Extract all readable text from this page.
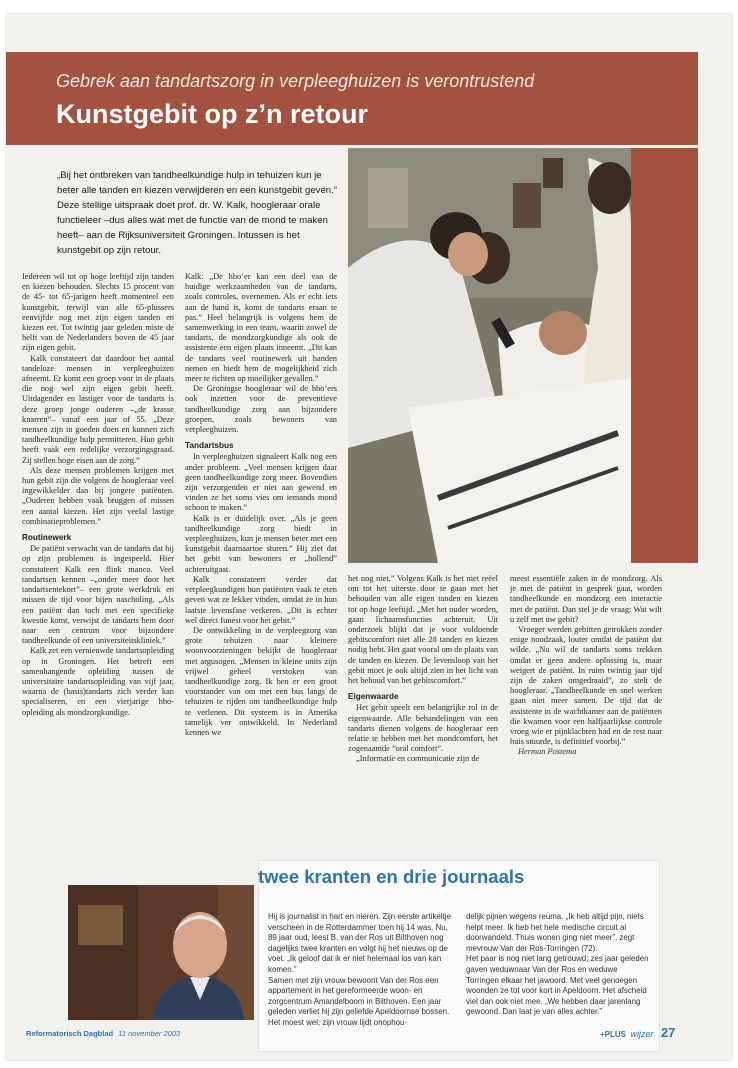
Gebrek aan tandartszorg in verpleeghuizen is verontrustend
Kunstgebit op z’n retour
„Bij het ontbreken van tandheelkundige hulp in tehuizen kun je beter alle tanden en kiezen verwijderen en een kunstgebit geven.” Deze stellige uitspraak doet prof. dr. W. Kalk, hoogleraar orale functieleer –dus alles wat met de functie van de mond te maken heeft– aan de Rijksuniversiteit Groningen. Intussen is het kunstgebit op zijn retour.

Iedereen wil tot op hoge leeftijd zijn tanden en kiezen behouden. Slechts 15 procent van de 45- tot 65-jarigen heeft momenteel een kunstgebit, terwijl van alle 65-plussers eenvijfde nog met zijn eigen tanden en kiezen eet. Tot twintig jaar geleden miste de helft van de Nederlanders boven de 45 jaar zijn eigen gebit.

Kalk constateert dat daardoor het aantal tandeloze mensen in verpleeghuizen afneemt. Er komt een groep voor in de plaats die nog wel zijn eigen gebit heeft. Uitdagender en lastiger voor de tandarts is deze groep jonge ouderen –„de krasse knarren”– vanaf een jaar of 55. „Deze mensen zijn in goeden doen en kunnen zich tandheelkundige hulp permitteren. Hun gebit heeft vaak een redelijke verzorgingsgraad. Zij stellen hoge eisen aan de zorg.”

Als deze mensen problemen krijgen met hun gebit zijn die volgens de hoogleraar veel ingewikkelder dan bij jongere patiënten. „Ouderen hebben vaak bruggen of missen een aantal kiezen. Het zijn veelal lastige combinatieproblemen.”

Routinewerk

De patiënt verwacht van de tandarts dat hij op zijn problemen is ingespeeld. Hier constateert Kalk een flink manco. Veel tandartsen kennen –„onder meer door het tandartsentekort”– een grote werkdruk en missen de tijd voor bijen nascholing. „Als een patiënt dan toch met een specifieke kwestie komt, verwijst de tandarts hem door naar een centrum voor bijzondere tandheelkunde of een universiteitskliniek.”

Kalk zet een vernieuwde tandartsopleiding op in Groningen. Het betreft een samenhangende opleiding tussen de universitaire tandartsopleiding van vijf jaar, waarna de (basis)tandarts zich verder kan specialiseren, en een vierjarige hbo-opleiding als mondzorgkundige.

Kalk: „De hbo’er kan een deel van de huidige werkzaamheden van de tandarts, zoals controles, overnemen. Als er echt iets aan de hand is, komt de tandarts eraan te pas.” Heel belangrijk is volgens hem de samenwerking in een team, waarin zowel de tandarts, de mondzorgkundige als ook de assistente een eigen plaats inneemt. „Dit kan de tandarts veel routinewerk uit handen nemen en biedt hem de mogelijkheid zich meer te richten op moeilijker gevallen.”

De Groningse hoogleraar wil de hbo’ers ook inzetten voor de preventieve tandheelkundige zorg aan bijzondere groepen, zoals bewoners van verpleeghuizen.

Tandartsbus

In verpleeghuizen signaleert Kalk nog een ander probleem. „Veel mensen krijgen daar geen tandheelkundige zorg meer. Bovendien zijn verzorgenden er niet aan gewend en vinden ze het soms vies om iemands mond schoon te maken.”

Kalk is er duidelijk over. „Als je geen tandheelkundige zorg biedt in verpleeghuizen, kun je mensen beter met een kunstgebit daarnaartoe sturen.” Hij ziet dat het gebit van bewoners er „hollend” achteruitgaat.

Kalk constateert verder dat verpleegkundigen hun patiënten vaak te eten geven wat ze lekker vinden, omdat ze in hun laatste levensfase verkeren. „Dit is echter wel direct funest voor het gebit.”

De ontwikkeling in de verpleegzorg van grote tehuizen naar kleinere woonvoorzieningen bekijkt de hoogleraar met argusogen. „Mensen in kleine units zijn vrijwel geheel verstoken van tandheelkundige zorg. Ik ben er een groot voorstander van om met een bus langs de tehuizen te rijden om tandheelkundige hulp te verlenen. Dit systeem is in Amerika tamelijk ver ontwikkeld. In Nederland kennen we

het nog niet.” Volgens Kalk is het niet reëel om tot het uiterste door te gaan met het behouden van alle eigen tanden en kiezen tot op hoge leeftijd. „Met het ouder worden, gaan lichaamsfuncties achteruit. Uit onderzoek blijkt dat je voor voldoende gebitscomfort niet alle 28 tanden en kiezen nodig hebt. Het gaat vooral om de plaats van de tanden en kiezen. De levensloop van het gebit moet je ook altijd zien in het licht van het behoud van het gebitscomfort.”

Eigenwaarde

Het gebit speelt een belangrijke rol in de eigenwaarde. Alle behandelingen van een tandarts dienen volgens de hoogleraar een relatie te hebben met het mondcomfort, het zogenaamde ”oral comfort”.

„Informatie en communicatie zijn de

meest essentiële zaken in de mondzorg. Als je met de patiënt in gesprek gaat, worden tandheelkunde en mondzorg een interactie met de patiënt. Dan stel je de vraag: Wat wilt u zelf met uw gebit?

Vroeger werden gebitten getrokken zonder enige noodzaak, louter omdat de patiënt dat wilde. „Nu wil de tandarts soms trekken omdat er geen andere oplossing is, maar weigert de patiënt. In ruim twintig jaar tijd zijn de zaken omgedraaid”, zo stelt de hoogleraar. „Tandheelkunde en snel werken gaan niet meer samen. De tijd dat de assistente in de wachtkamer aan de patiënten die kwamen voor een halfjaarlijkse controle vroeg wie er pijnklachten had en de rest naar huis stuurde, is definitief voorbij.”

Herman Postema

twee kranten en drie journaals

Hij is journalist in hart en nieren. Zijn eerste artikeltje verscheen in de Rotterdammer toen hij 14 was. Nu, 89 jaar oud, leest B. van der Ros uit Bilthoven nog dagelijks twee kranten en volgt hij het nieuws op de voet. „Ik geloof dat ik er niet helemaal los van kan komen.”

Samen met zijn vrouw bewoont Van der Ros een appartement in het gereformeerde woon- en zorgcentrum Amandelboom in Bilthoven. Een jaar geleden verliet hij zijn geliefde Apeldoornse bossen. Het moest wel; zijn vrouw lijdt onophou-

delijk pijnen wegens reuma. „Ik heb altijd pijn, niets helpt meer. Ik heb het hele medische circuit al doorwandeld. Thuis wonen ging niet meer”, zegt mevrouw Van der Ros-Torringen (72).

Het paar is nog niet lang getrouwd; zes jaar geleden gaven weduwnaar Van der Ros en weduwe Torringen elkaar het jawoord. Met veel genoegen woonden ze tot voor kort in Apeldoorn. Het afscheid viel dan ook niet mee. „We hebben daar jarenlang gewoond. Dan laat je van alles achter.”

Reformatorisch Dagblad 11 november 2003	+PLUS wijzer 27
